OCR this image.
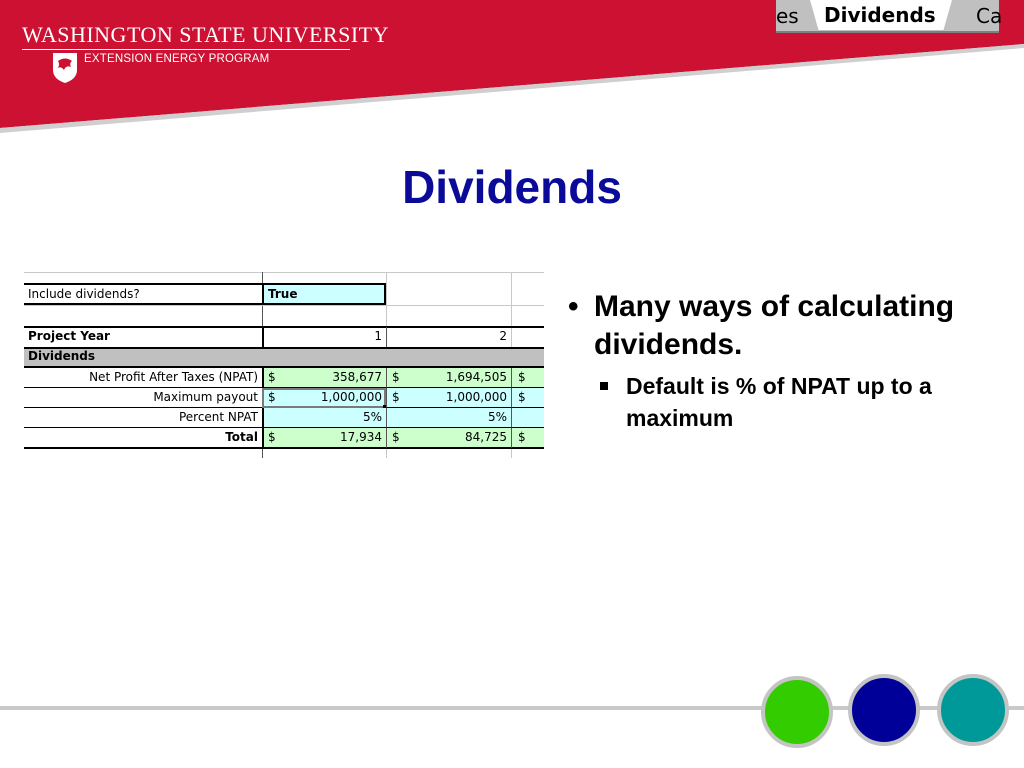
WASHINGTON STATE UNIVERSITY
EXTENSION ENERGY PROGRAM
es Dividends Ca
Dividends
Include dividends?	True
Project Year	1	2
Dividends
Net Profit After Taxes (NPAT) $	358,677 $	1,694,505 $
Maximum payout $	1,000,000 $	1,000,000 $
Percent NPAT	5%	5%
Total $	17,934 $	84,725 $
• Many ways of calculating dividends.
Default is % of NPAT up to a maximum
